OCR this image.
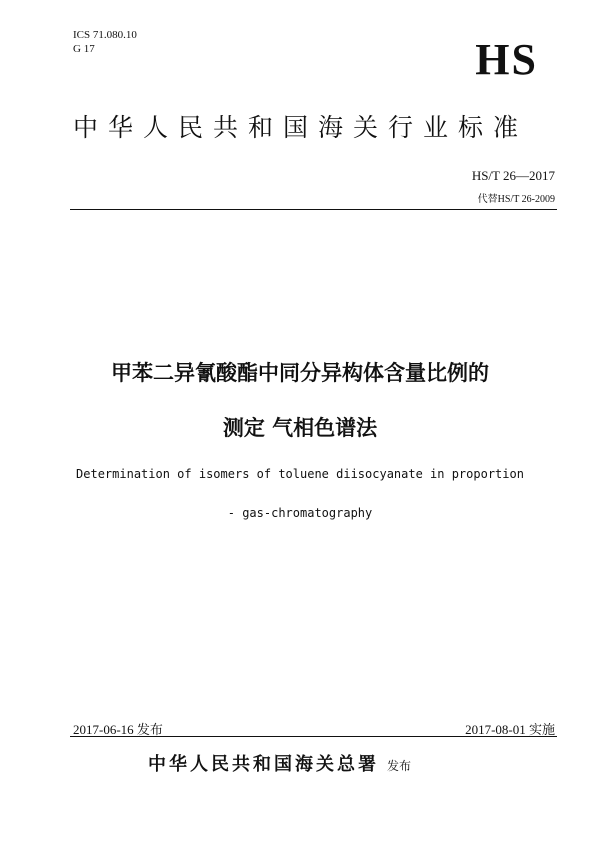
ICS 71.080.10
G 17	HS
中华人民共和国海关行业标准
HS/T 26—2017
代替HS/T 26-2009
甲苯二异氰酸酯中同分异构体含量比例的
测定 气相色谱法
Determination of isomers of toluene diisocyanate in proportion
- gas-chromatography
2017-06-16 发布	2017-08-01 实施
中华人民共和国海关总署 发布
